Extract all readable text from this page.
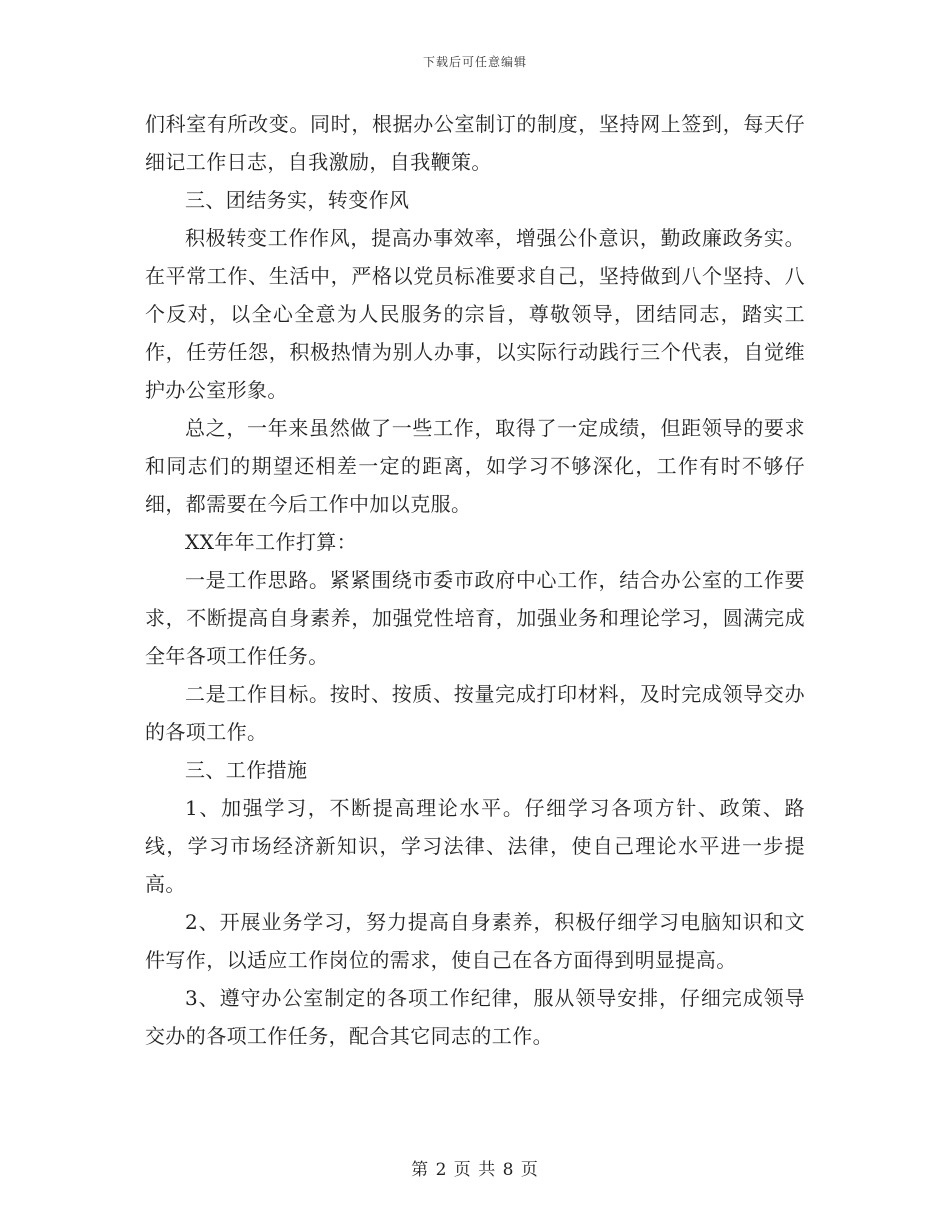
下载后可任意编辑

们科室有所改变。同时，根据办公室制订的制度，坚持网上签到，每天仔细记工作日志，自我激励，自我鞭策。

三、团结务实，转变作风

积极转变工作作风，提高办事效率，增强公仆意识，勤政廉政务实。在平常工作、生活中，严格以党员标准要求自己，坚持做到八个坚持、八个反对，以全心全意为人民服务的宗旨，尊敬领导，团结同志，踏实工作，任劳任怨，积极热情为别人办事，以实际行动践行三个代表，自觉维护办公室形象。

总之，一年来虽然做了一些工作，取得了一定成绩，但距领导的要求和同志们的期望还相差一定的距离，如学习不够深化，工作有时不够仔细，都需要在今后工作中加以克服。

XX年年工作打算：

一是工作思路。紧紧围绕市委市政府中心工作，结合办公室的工作要求，不断提高自身素养，加强党性培育，加强业务和理论学习，圆满完成全年各项工作任务。

二是工作目标。按时、按质、按量完成打印材料，及时完成领导交办的各项工作。

三、工作措施

1、加强学习，不断提高理论水平。仔细学习各项方针、政策、路线，学习市场经济新知识，学习法律、法律，使自己理论水平进一步提高。

2、开展业务学习，努力提高自身素养，积极仔细学习电脑知识和文件写作，以适应工作岗位的需求，使自己在各方面得到明显提高。

3、遵守办公室制定的各项工作纪律，服从领导安排，仔细完成领导交办的各项工作任务，配合其它同志的工作。

第 2 页 共 8 页
